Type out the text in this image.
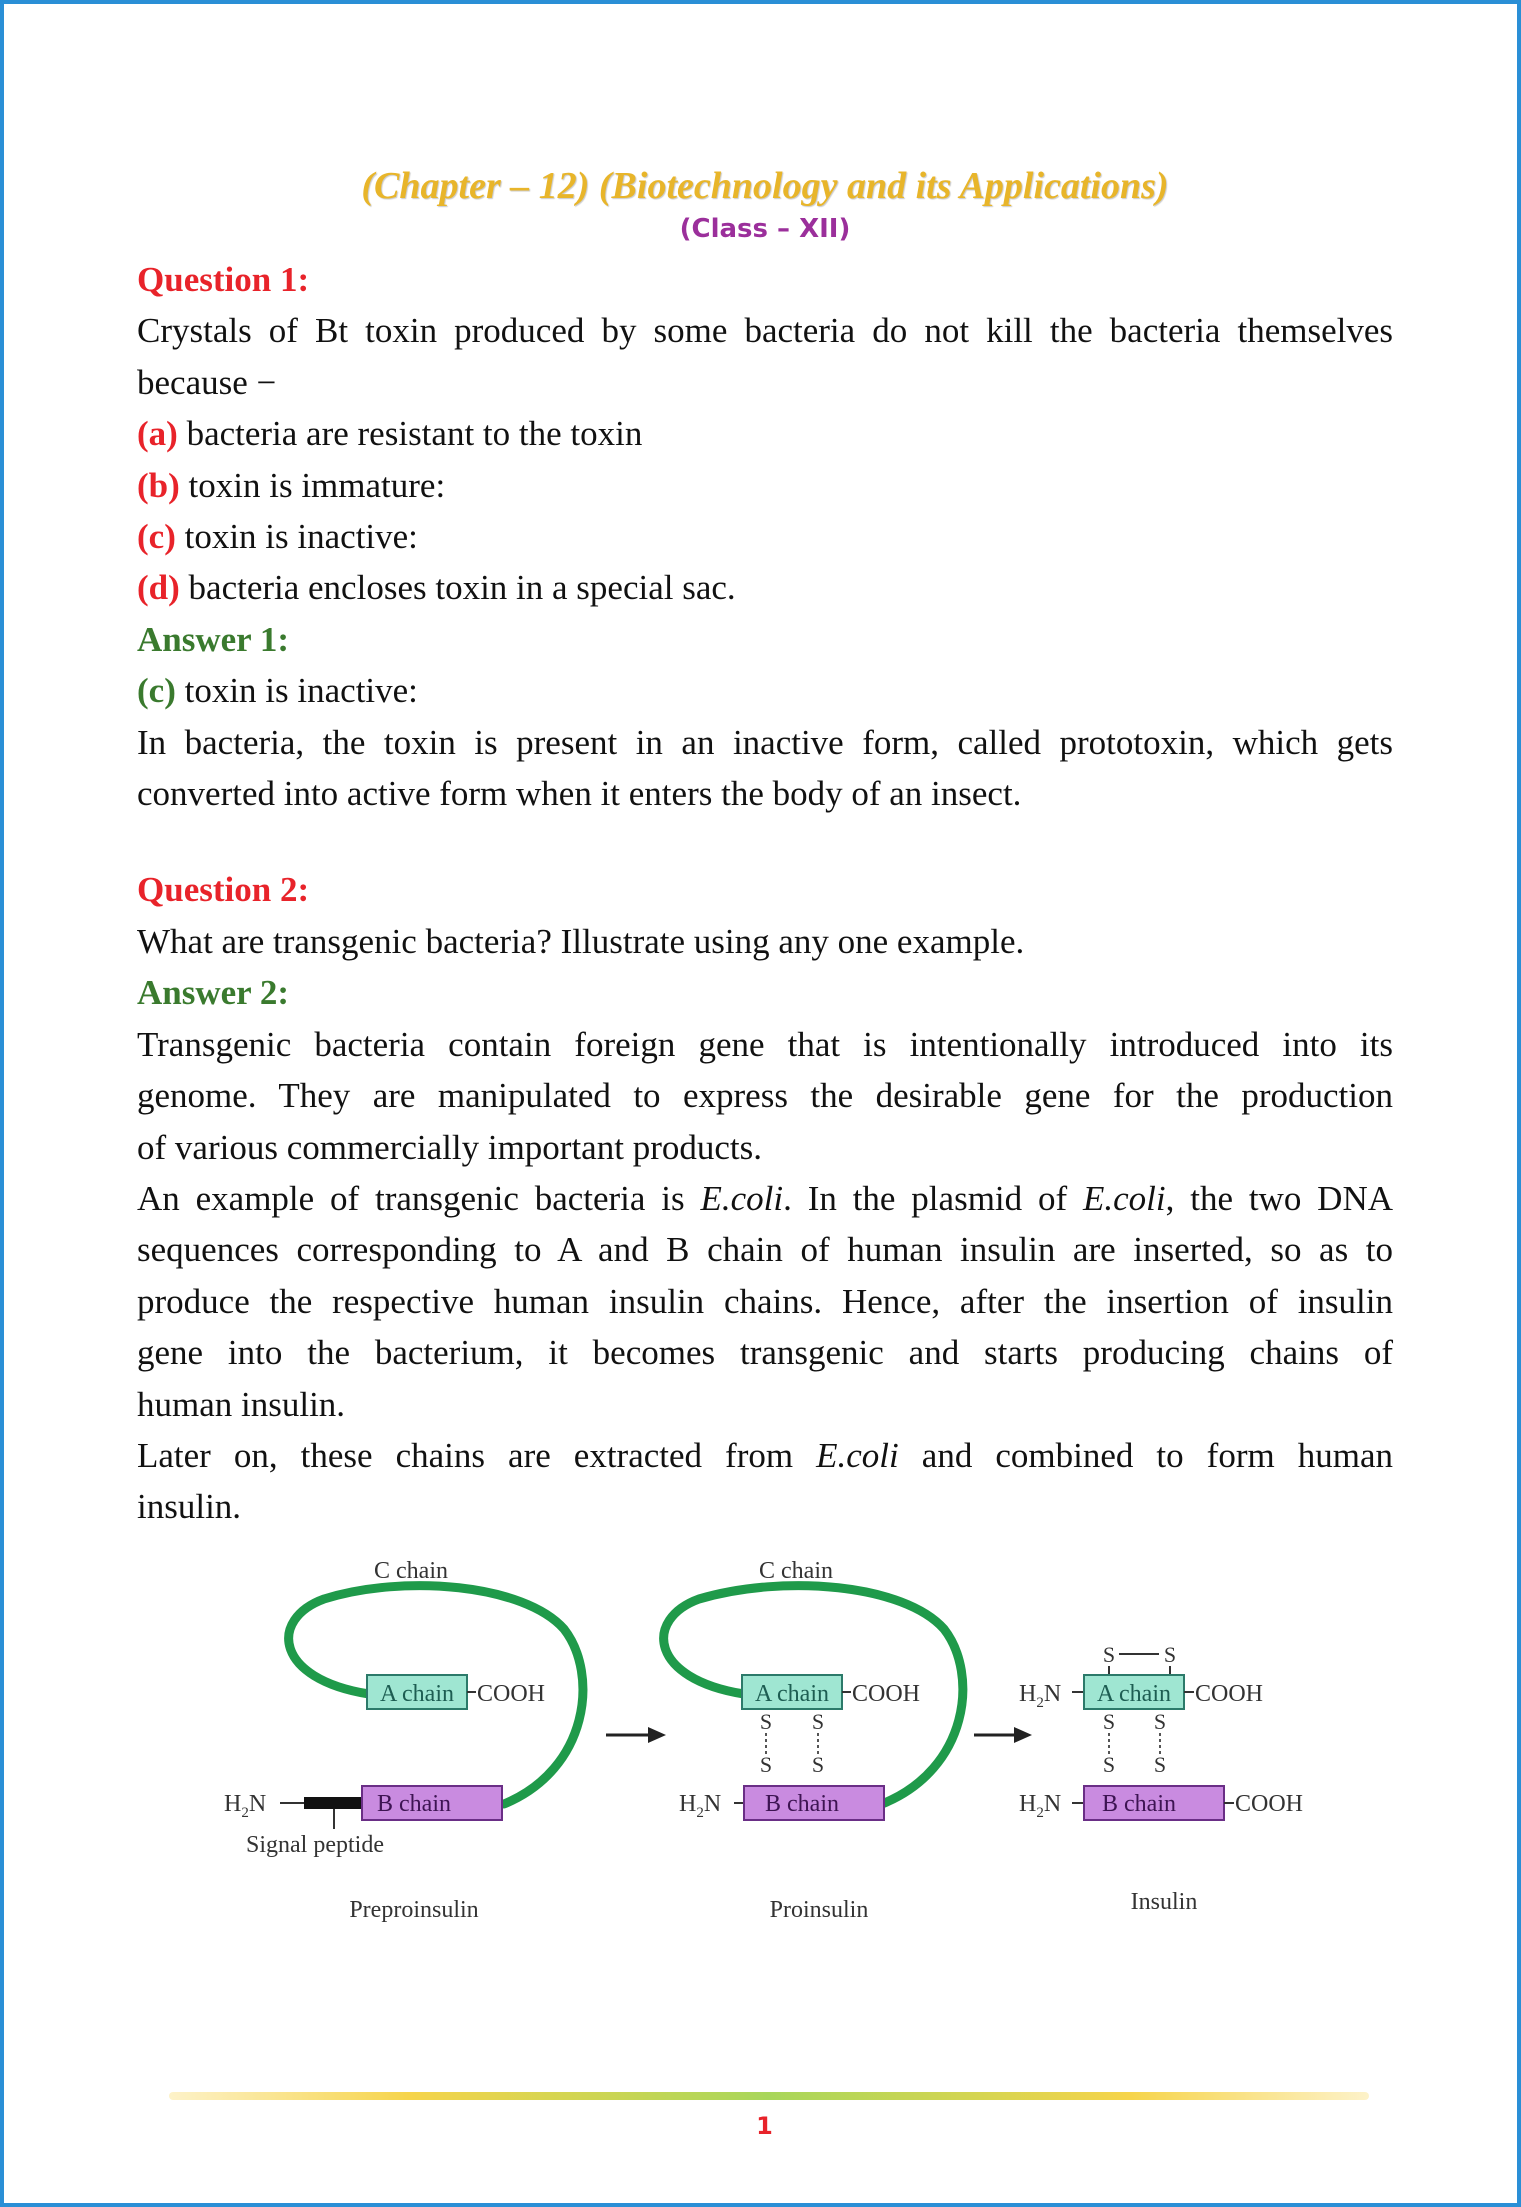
(Chapter – 12) (Biotechnology and its Applications)
(Class – XII)
Question 1:
Crystals of Bt toxin produced by some bacteria do not kill the bacteria themselves
because −
(a) bacteria are resistant to the toxin
(b) toxin is immature:
(c) toxin is inactive:
(d) bacteria encloses toxin in a special sac.
Answer 1:
(c) toxin is inactive:
In bacteria, the toxin is present in an inactive form, called prototoxin, which gets
converted into active form when it enters the body of an insect.
Question 2:
What are transgenic bacteria? Illustrate using any one example.
Answer 2:
Transgenic bacteria contain foreign gene that is intentionally introduced into its
genome. They are manipulated to express the desirable gene for the production
of various commercially important products.
An example of transgenic bacteria is E.coli. In the plasmid of E.coli, the two DNA
sequences corresponding to A and B chain of human insulin are inserted, so as to
produce the respective human insulin chains. Hence, after the insertion of insulin
gene into the bacterium, it becomes transgenic and starts producing chains of
human insulin.
Later on, these chains are extracted from E.coli and combined to form human
insulin.
C chain
A chain COOH
$H_2N$
Signal peptide
B chain
Preproinsulin
C chain
A chain COOH
S
S
S
S
$H_2N$ B chain
Proinsulin
S S
$H_2N$ A chain COOH
S
S
S
S
$H_2N$ B chain COOH
Insulin
1
